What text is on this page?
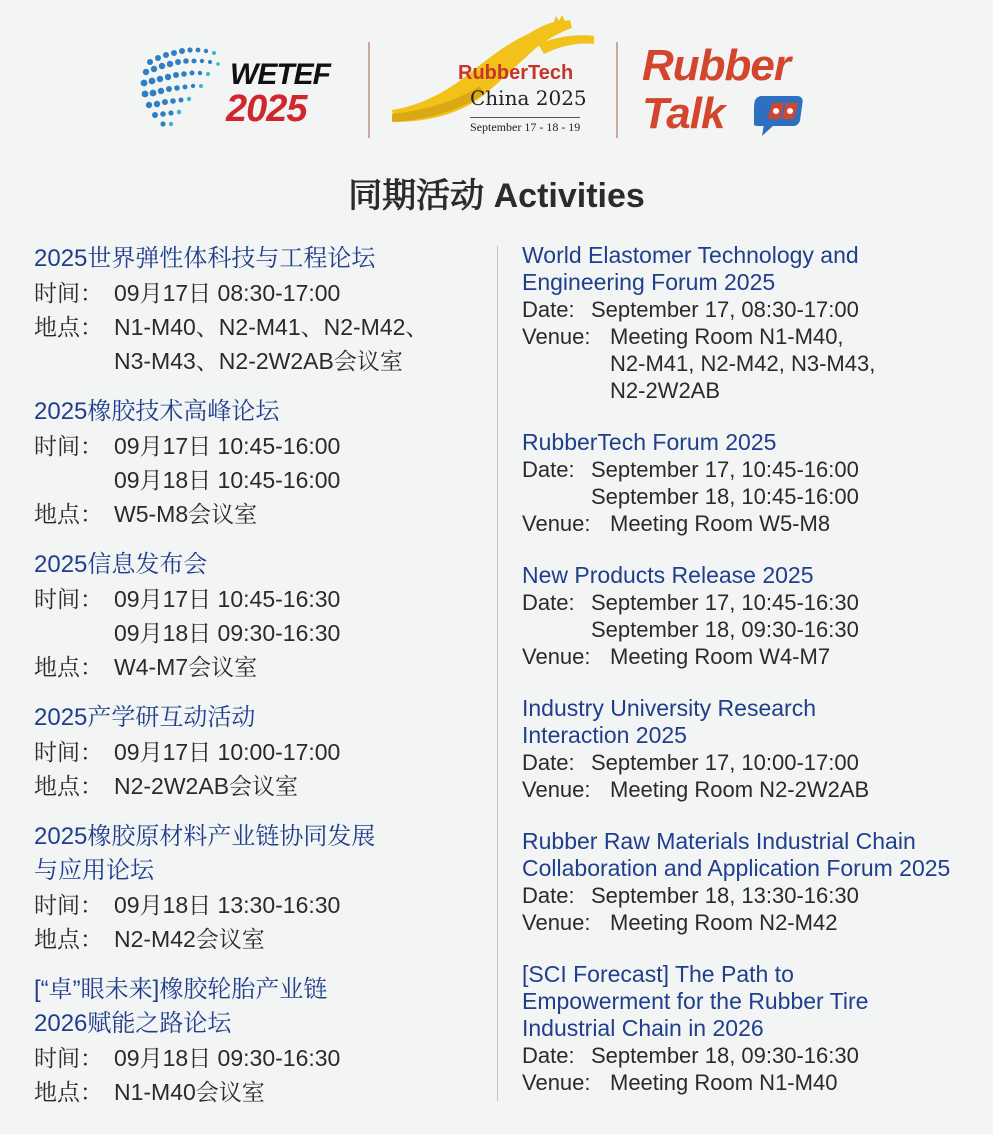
WETEF
2025
RubberTech
China 2025
September 17 - 18 - 19
Rubber
Talk
同期活动 Activities
2025世界弹性体科技与工程论坛
时间： 09月17日 08:30-17:00
地点： N1-M40、N2-M41、N2-M42、
N3-M43、N2-2W2AB会议室
2025橡胶技术高峰论坛
时间： 09月17日 10:45-16:00
09月18日 10:45-16:00
地点： W5-M8会议室
2025信息发布会
时间： 09月17日 10:45-16:30
09月18日 09:30-16:30
地点： W4-M7会议室
2025产学研互动活动
时间： 09月17日 10:00-17:00
地点： N2-2W2AB会议室
2025橡胶原材料产业链协同发展
与应用论坛
时间： 09月18日 13:30-16:30
地点： N2-M42会议室
[“卓”眼未来]橡胶轮胎产业链
2026赋能之路论坛
时间： 09月18日 09:30-16:30
地点： N1-M40会议室
World Elastomer Technology and
Engineering Forum 2025
Date: September 17, 08:30-17:00
Venue: Meeting Room N1-M40,
N2-M41, N2-M42, N3-M43,
N2-2W2AB
RubberTech Forum 2025
Date: September 17, 10:45-16:00
September 18, 10:45-16:00
Venue: Meeting Room W5-M8
New Products Release 2025
Date: September 17, 10:45-16:30
September 18, 09:30-16:30
Venue: Meeting Room W4-M7
Industry University Research
Interaction 2025
Date: September 17, 10:00-17:00
Venue: Meeting Room N2-2W2AB
Rubber Raw Materials Industrial Chain
Collaboration and Application Forum 2025
Date: September 18, 13:30-16:30
Venue: Meeting Room N2-M42
[SCI Forecast] The Path to
Empowerment for the Rubber Tire
Industrial Chain in 2026
Date: September 18, 09:30-16:30
Venue: Meeting Room N1-M40
